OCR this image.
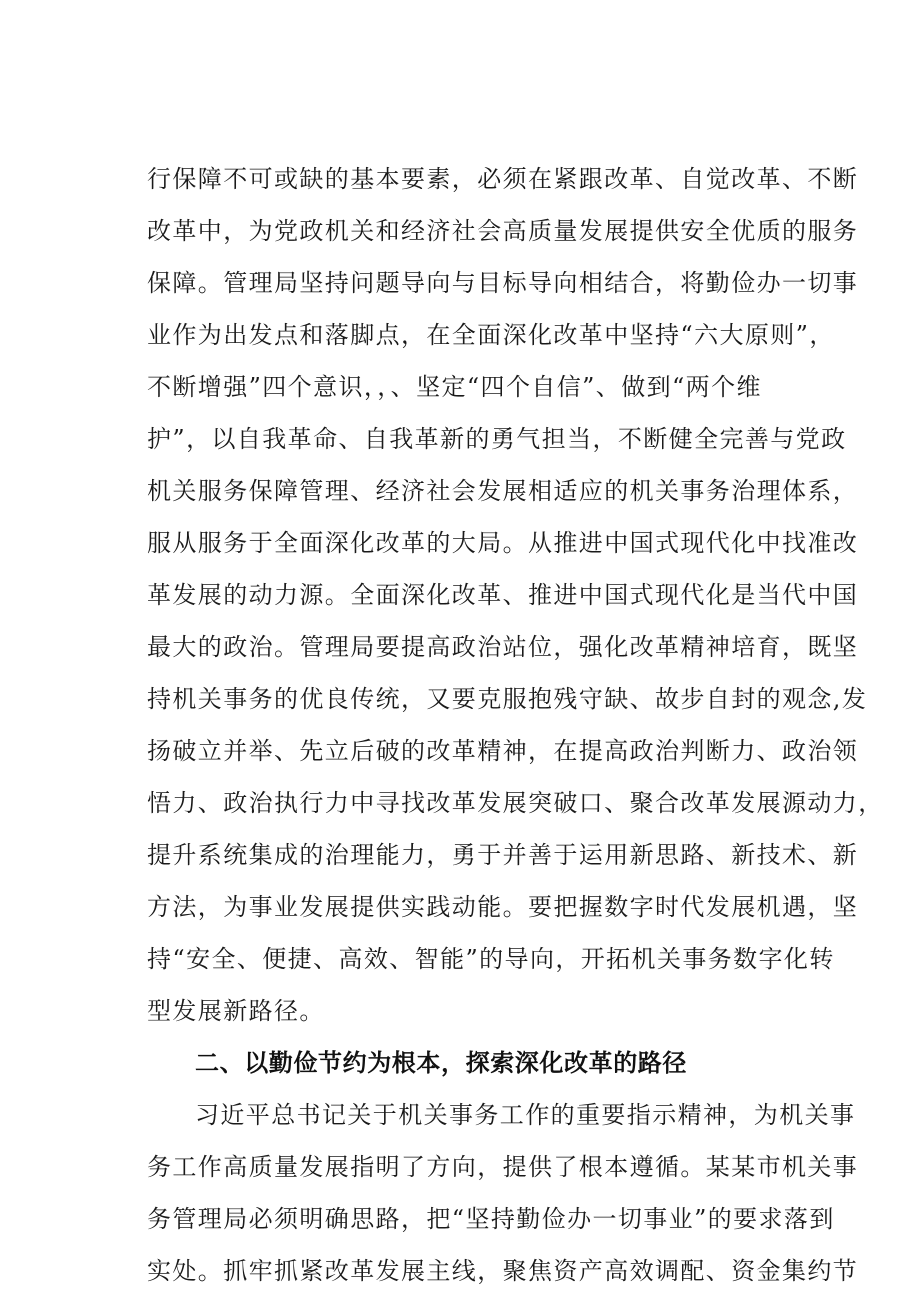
行保障不可或缺的基本要素，必须在紧跟改革、自觉改革、不断
改革中，为党政机关和经济社会高质量发展提供安全优质的服务
保障。管理局坚持问题导向与目标导向相结合，将勤俭办一切事
业作为出发点和落脚点，在全面深化改革中坚持“六大原则”，
不断增强”四个意识，，、坚定“四个自信”、做到“两个维
护”，以自我革命、自我革新的勇气担当，不断健全完善与党政
机关服务保障管理、经济社会发展相适应的机关事务治理体系，
服从服务于全面深化改革的大局。从推进中国式现代化中找准改
革发展的动力源。全面深化改革、推进中国式现代化是当代中国
最大的政治。管理局要提高政治站位，强化改革精神培育，既坚
持机关事务的优良传统，又要克服抱残守缺、故步自封的观念,发
扬破立并举、先立后破的改革精神，在提高政治判断力、政治领
悟力、政治执行力中寻找改革发展突破口、聚合改革发展源动力，
提升系统集成的治理能力，勇于并善于运用新思路、新技术、新
方法，为事业发展提供实践动能。要把握数字时代发展机遇，坚
持“安全、便捷、高效、智能”的导向，开拓机关事务数字化转
型发展新路径。
二、以勤俭节约为根本，探索深化改革的路径
习近平总书记关于机关事务工作的重要指示精神，为机关事
务工作高质量发展指明了方向，提供了根本遵循。某某市机关事
务管理局必须明确思路，把“坚持勤俭办一切事业”的要求落到
实处。抓牢抓紧改革发展主线，聚焦资产高效调配、资金集约节
